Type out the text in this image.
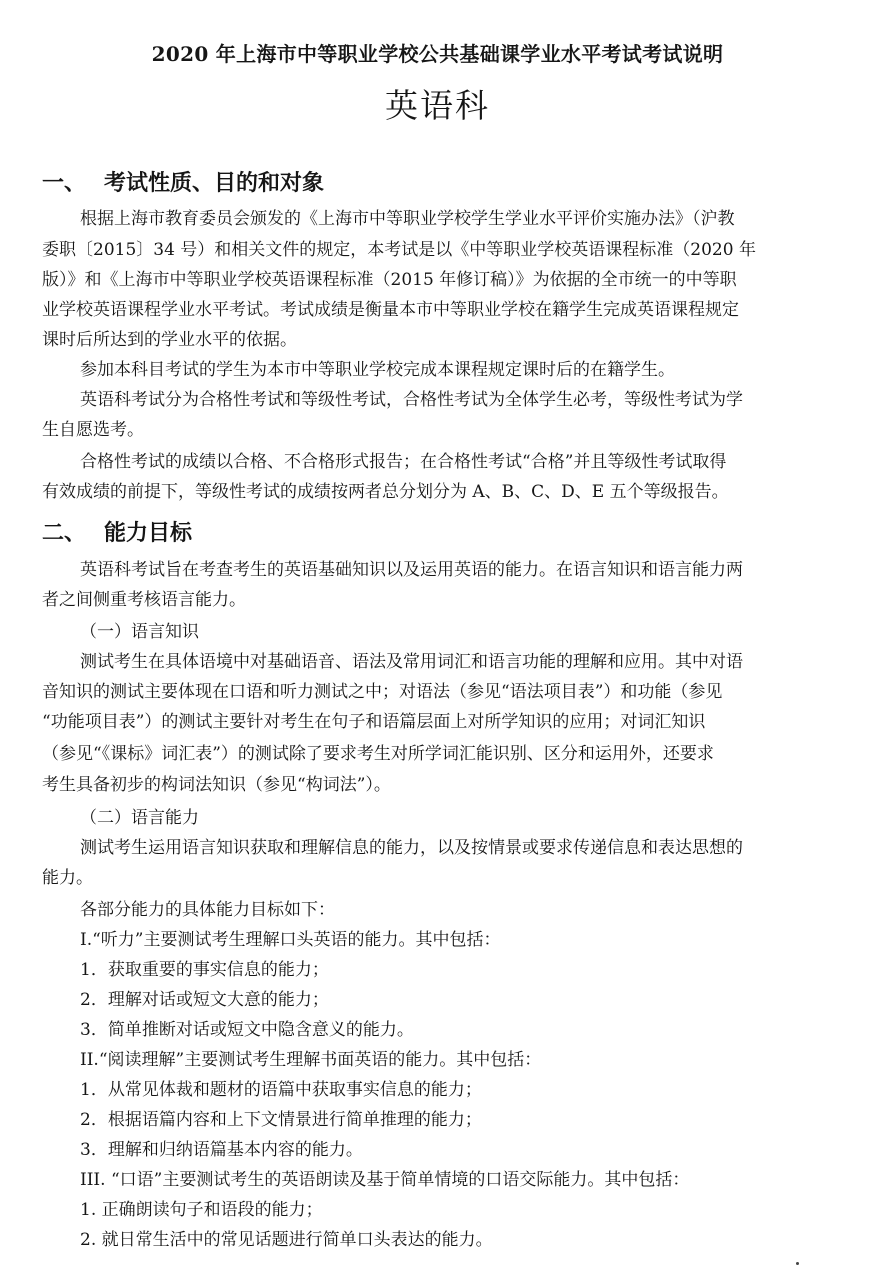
2020 年上海市中等职业学校公共基础课学业水平考试考试说明
英语科
一、 考试性质、目的和对象
根据上海市教育委员会颁发的《上海市中等职业学校学生学业水平评价实施办法》（沪教
委职〔2015〕34 号）和相关文件的规定，本考试是以《中等职业学校英语课程标准（2020 年
版）》和《上海市中等职业学校英语课程标准（2015 年修订稿）》为依据的全市统一的中等职
业学校英语课程学业水平考试。考试成绩是衡量本市中等职业学校在籍学生完成英语课程规定
课时后所达到的学业水平的依据。
参加本科目考试的学生为本市中等职业学校完成本课程规定课时后的在籍学生。
英语科考试分为合格性考试和等级性考试，合格性考试为全体学生必考，等级性考试为学
生自愿选考。
合格性考试的成绩以合格、不合格形式报告；在合格性考试“合格”并且等级性考试取得
有效成绩的前提下，等级性考试的成绩按两者总分划分为 A、B、C、D、E 五个等级报告。
二、 能力目标
英语科考试旨在考查考生的英语基础知识以及运用英语的能力。在语言知识和语言能力两
者之间侧重考核语言能力。
（一）语言知识
测试考生在具体语境中对基础语音、语法及常用词汇和语言功能的理解和应用。其中对语
音知识的测试主要体现在口语和听力测试之中；对语法（参见“语法项目表”）和功能（参见
“功能项目表”）的测试主要针对考生在句子和语篇层面上对所学知识的应用；对词汇知识
（参见“《课标》词汇表”）的测试除了要求考生对所学词汇能识别、区分和运用外，还要求
考生具备初步的构词法知识（参见“构词法”）。
（二）语言能力
测试考生运用语言知识获取和理解信息的能力，以及按情景或要求传递信息和表达思想的
能力。
各部分能力的具体能力目标如下：
I.“听力”主要测试考生理解口头英语的能力。其中包括：
1．获取重要的事实信息的能力；
2．理解对话或短文大意的能力；
3．简单推断对话或短文中隐含意义的能力。
II.“阅读理解”主要测试考生理解书面英语的能力。其中包括：
1．从常见体裁和题材的语篇中获取事实信息的能力；
2．根据语篇内容和上下文情景进行简单推理的能力；
3．理解和归纳语篇基本内容的能力。
III. “口语”主要测试考生的英语朗读及基于简单情境的口语交际能力。其中包括：
1. 正确朗读句子和语段的能力；
2. 就日常生活中的常见话题进行简单口头表达的能力。
